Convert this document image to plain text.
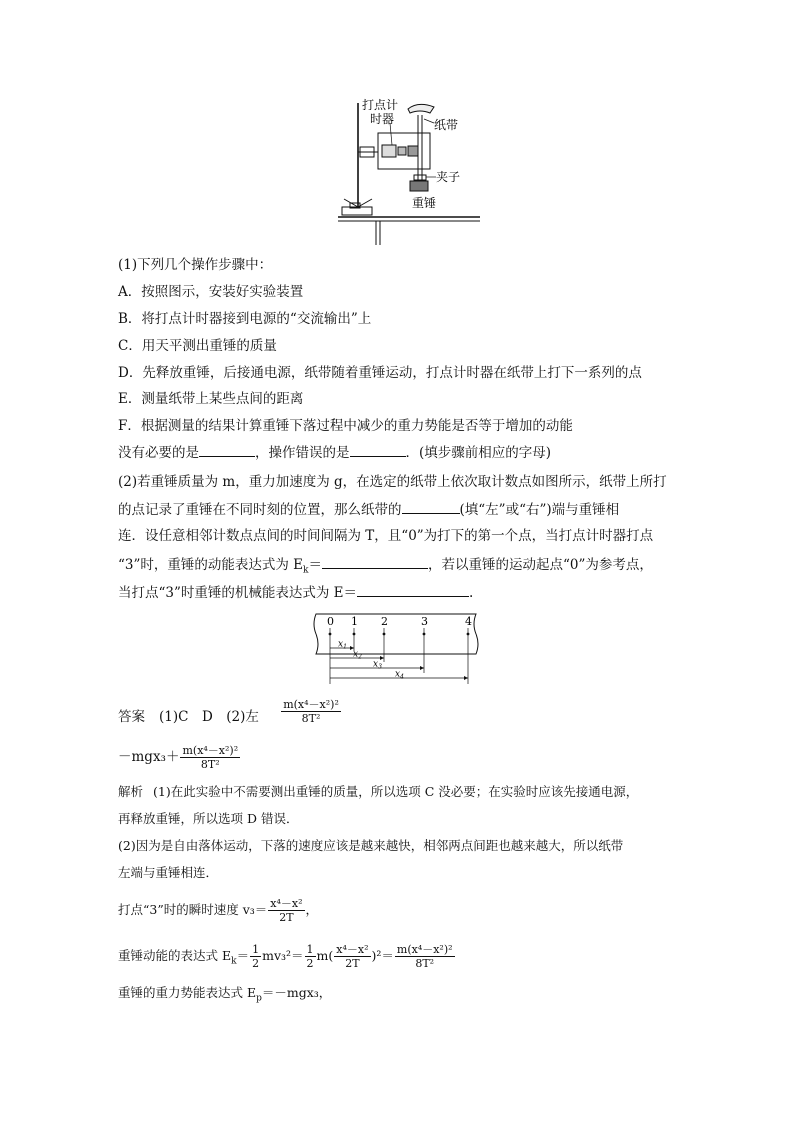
打点计
时器	纸带
夹子
重锤
(1)下列几个操作步骤中：
A．按照图示，安装好实验装置
B．将打点计时器接到电源的“交流输出”上
C．用天平测出重锤的质量
D．先释放重锤，后接通电源，纸带随着重锤运动，打点计时器在纸带上打下一系列的点
E．测量纸带上某些点间的距离
F．根据测量的结果计算重锤下落过程中减少的重力势能是否等于增加的动能
没有必要的是	，操作错误的是	．(填步骤前相应的字母)
(2)若重锤质量为 m，重力加速度为 g，在选定的纸带上依次取计数点如图所示，纸带上所打
的点记录了重锤在不同时刻的位置，那么纸带的	(填“左”或“右”)端与重锤相
连．设任意相邻计数点点间的时间间隔为 T，且“0”为打下的第一个点，当打点计时器打点
“3”时，重锤的动能表达式为 $E_k=$	，若以重锤的运动起点“0”为参考点，
当打点“3”时重锤的机械能表达式为 E＝	.
0 1 2	3	4
$x_1$
$x_2$
$x_3$
$x_4$
答案 (1)C　D　(2)左 $\frac{\text{m(x⁴－x²)²}}{\text{8T²}}$
$-mgx_3+ \frac{\text{m(x⁴－x²)²}}{\text{8T²}}$
解析 (1)在此实验中不需要测出重锤的质量，所以选项 C 没必要；在实验时应该先接通电源，
再释放重锤，所以选项 D 错误．
(2)因为是自由落体运动，下落的速度应该是越来越快，相邻两点间距也越来越大，所以纸带
左端与重锤相连．
打点“3”时的瞬时速度 $v_3= \frac{\text{x⁴－x²}}{2T}$ ，
重锤动能的表达式 $E_k= \frac{1}{2} mv_3^2= \frac{1}{2} m( \frac{\text{x⁴－x²}}{2T} )^2= \frac{\text{m(x⁴－x²)²}}{\text{8T²}}$
重锤的重力势能表达式 $E_p=-mgx_3$，
